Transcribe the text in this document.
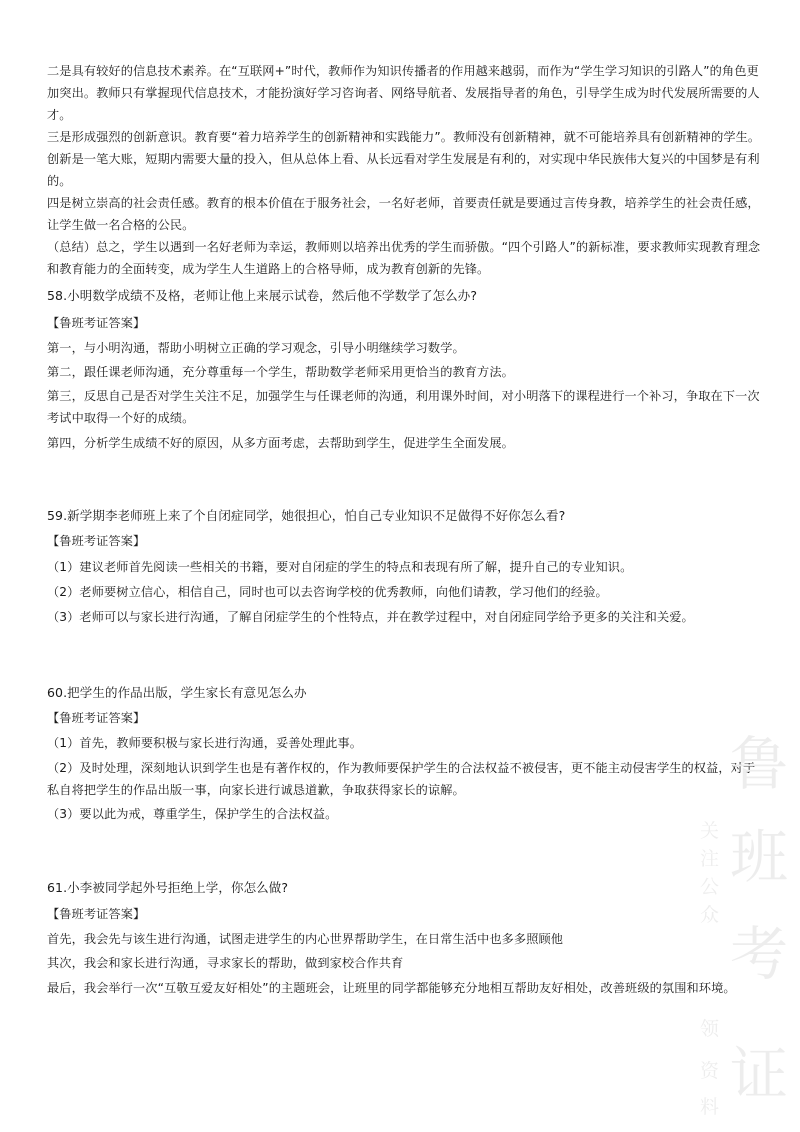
二是具有较好的信息技术素养。在“互联网+”时代，教师作为知识传播者的作用越来越弱，而作为“学生学习知识的引路人”的角色更加突出。教师只有掌握现代信息技术，才能扮演好学习咨询者、网络导航者、发展指导者的角色，引导学生成为时代发展所需要的人才。

三是形成强烈的创新意识。教育要“着力培养学生的创新精神和实践能力”。教师没有创新精神，就不可能培养具有创新精神的学生。创新是一笔大账，短期内需要大量的投入，但从总体上看、从长远看对学生发展是有利的，对实现中华民族伟大复兴的中国梦是有利的。

四是树立崇高的社会责任感。教育的根本价值在于服务社会，一名好老师，首要责任就是要通过言传身教，培养学生的社会责任感，让学生做一名合格的公民。

（总结）总之，学生以遇到一名好老师为幸运，教师则以培养出优秀的学生而骄傲。“四个引路人”的新标准，要求教师实现教育理念和教育能力的全面转变，成为学生人生道路上的合格导师，成为教育创新的先锋。

58.小明数学成绩不及格，老师让他上来展示试卷，然后他不学数学了怎么办?

【鲁班考证答案】

第一，与小明沟通，帮助小明树立正确的学习观念，引导小明继续学习数学。

第二，跟任课老师沟通，充分尊重每一个学生，帮助数学老师采用更恰当的教育方法。

第三，反思自己是否对学生关注不足，加强学生与任课老师的沟通，利用课外时间，对小明落下的课程进行一个补习，争取在下一次考试中取得一个好的成绩。

第四，分析学生成绩不好的原因，从多方面考虑，去帮助到学生，促进学生全面发展。

59.新学期李老师班上来了个自闭症同学，她很担心，怕自己专业知识不足做得不好你怎么看?

【鲁班考证答案】

（1）建议老师首先阅读一些相关的书籍，要对自闭症的学生的特点和表现有所了解，提升自己的专业知识。

（2）老师要树立信心，相信自己，同时也可以去咨询学校的优秀教师，向他们请教，学习他们的经验。

（3）老师可以与家长进行沟通，了解自闭症学生的个性特点，并在教学过程中，对自闭症同学给予更多的关注和关爱。

60.把学生的作品出版，学生家长有意见怎么办

【鲁班考证答案】

（1）首先，教师要积极与家长进行沟通，妥善处理此事。

（2）及时处理，深刻地认识到学生也是有著作权的，作为教师要保护学生的合法权益不被侵害，更不能主动侵害学生的权益，对于私自将把学生的作品出版一事，向家长进行诚恳道歉，争取获得家长的谅解。

（3）要以此为戒，尊重学生，保护学生的合法权益。

61.小李被同学起外号拒绝上学，你怎么做?

【鲁班考证答案】

首先，我会先与该生进行沟通，试图走进学生的内心世界帮助学生，在日常生活中也多多照顾他

其次，我会和家长进行沟通，寻求家长的帮助，做到家校合作共育

最后，我会举行一次“互敬互爱友好相处”的主题班会，让班里的同学都能够充分地相互帮助友好相处，改善班级的氛围和环境。

鲁
班
考
证
关
注
公
众
领
资
料
